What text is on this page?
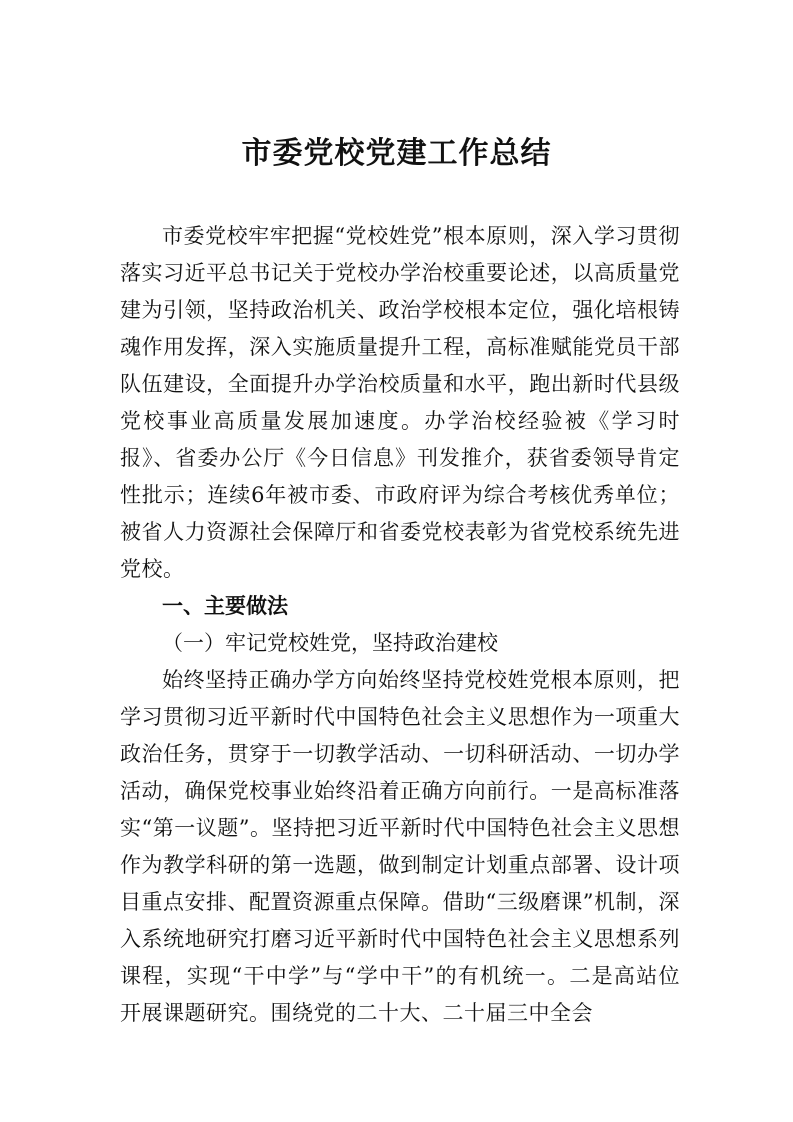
市委党校党建工作总结

市委党校牢牢把握“党校姓党”根本原则，深入学习贯彻落实习近平总书记关于党校办学治校重要论述，以高质量党建为引领，坚持政治机关、政治学校根本定位，强化培根铸魂作用发挥，深入实施质量提升工程，高标准赋能党员干部队伍建设，全面提升办学治校质量和水平，跑出新时代县级党校事业高质量发展加速度。办学治校经验被《学习时报》、省委办公厅《今日信息》刊发推介，获省委领导肯定性批示；连续6年被市委、市政府评为综合考核优秀单位；被省人力资源社会保障厅和省委党校表彰为省党校系统先进党校。

一、主要做法

（一）牢记党校姓党，坚持政治建校

始终坚持正确办学方向始终坚持党校姓党根本原则，把学习贯彻习近平新时代中国特色社会主义思想作为一项重大政治任务，贯穿于一切教学活动、一切科研活动、一切办学活动，确保党校事业始终沿着正确方向前行。一是高标准落实“第一议题”。坚持把习近平新时代中国特色社会主义思想作为教学科研的第一选题，做到制定计划重点部署、设计项目重点安排、配置资源重点保障。借助“三级磨课”机制，深入系统地研究打磨习近平新时代中国特色社会主义思想系列课程，实现“干中学”与“学中干”的有机统一。二是高站位开展课题研究。围绕党的二十大、二十届三中全会
